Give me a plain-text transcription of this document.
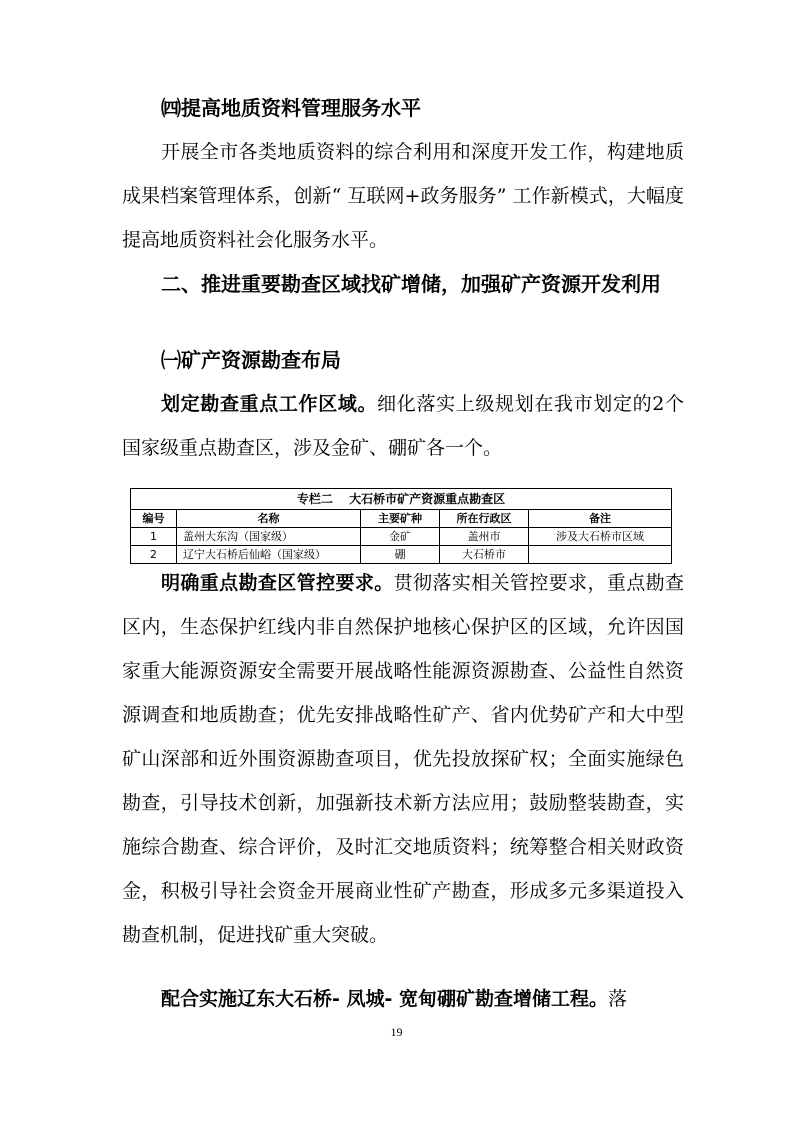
㈣提高地质资料管理服务水平

开展全市各类地质资料的综合利用和深度开发工作，构建地质成果档案管理体系，创新“ 互联网+政务服务” 工作新模式，大幅度提高地质资料社会化服务水平。

二、推进重要勘查区域找矿增储，加强矿产资源开发利用

㈠矿产资源勘查布局

划定勘查重点工作区域。细化落实上级规划在我市划定的2个国家级重点勘查区，涉及金矿、硼矿各一个。

专栏二　 大石桥市矿产资源重点勘查区				
编号	名称	主要矿种	所在行政区	备注
1	盖州大东沟（国家级）	金矿	盖州市	涉及大石桥市区域
2	辽宁大石桥后仙峪（国家级）	硼	大石桥市	

明确重点勘查区管控要求。贯彻落实相关管控要求，重点勘查区内，生态保护红线内非自然保护地核心保护区的区域，允许因国家重大能源资源安全需要开展战略性能源资源勘查、公益性自然资源调查和地质勘查；优先安排战略性矿产、省内优势矿产和大中型矿山深部和近外围资源勘查项目，优先投放探矿权；全面实施绿色勘查，引导技术创新，加强新技术新方法应用；鼓励整装勘查，实施综合勘查、综合评价，及时汇交地质资料；统筹整合相关财政资金，积极引导社会资金开展商业性矿产勘查，形成多元多渠道投入勘查机制，促进找矿重大突破。

配合实施辽东大石桥- 凤城- 宽甸硼矿勘查增储工程。落

19
